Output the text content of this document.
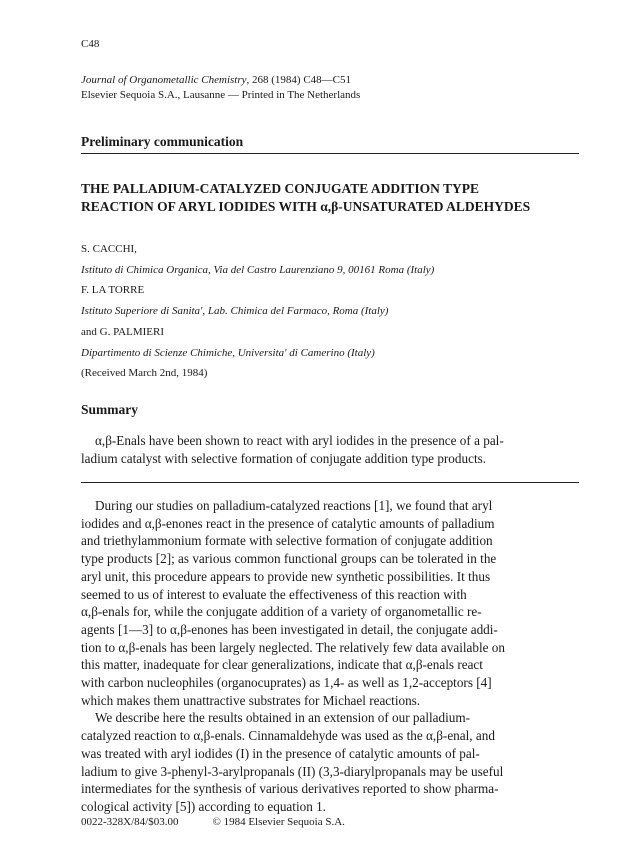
C48
Journal of Organometallic Chemistry, 268 (1984) C48—C51
Elsevier Sequoia S.A., Lausanne — Printed in The Netherlands
Preliminary communication
THE PALLADIUM-CATALYZED CONJUGATE ADDITION TYPE
REACTION OF ARYL IODIDES WITH α,β-UNSATURATED ALDEHYDES
S. CACCHI,
Istituto di Chimica Organica, Via del Castro Laurenziano 9, 00161 Roma (Italy)
F. LA TORRE
Istituto Superiore di Sanita', Lab. Chimica del Farmaco, Roma (Italy)
and G. PALMIERI
Dipartimento di Scienze Chimiche, Universita' di Camerino (Italy)
(Received March 2nd, 1984)
Summary
α,β-Enals have been shown to react with aryl iodides in the presence of a pal-
ladium catalyst with selective formation of conjugate addition type products.
During our studies on palladium-catalyzed reactions [1], we found that aryl
iodides and α,β-enones react in the presence of catalytic amounts of palladium
and triethylammonium formate with selective formation of conjugate addition
type products [2]; as various common functional groups can be tolerated in the
aryl unit, this procedure appears to provide new synthetic possibilities. It thus
seemed to us of interest to evaluate the effectiveness of this reaction with
α,β-enals for, while the conjugate addition of a variety of organometallic re-
agents [1—3] to α,β-enones has been investigated in detail, the conjugate addi-
tion to α,β-enals has been largely neglected. The relatively few data available on
this matter, inadequate for clear generalizations, indicate that α,β-enals react
with carbon nucleophiles (organocuprates) as 1,4- as well as 1,2-acceptors [4]
which makes them unattractive substrates for Michael reactions.
We describe here the results obtained in an extension of our palladium-
catalyzed reaction to α,β-enals. Cinnamaldehyde was used as the α,β-enal, and
was treated with aryl iodides (I) in the presence of catalytic amounts of pal-
ladium to give 3-phenyl-3-arylpropanals (II) (3,3-diarylpropanals may be useful
intermediates for the synthesis of various derivatives reported to show pharma-
cological activity [5]) according to equation 1.
0022-328X/84/$03.00	© 1984 Elsevier Sequoia S.A.
